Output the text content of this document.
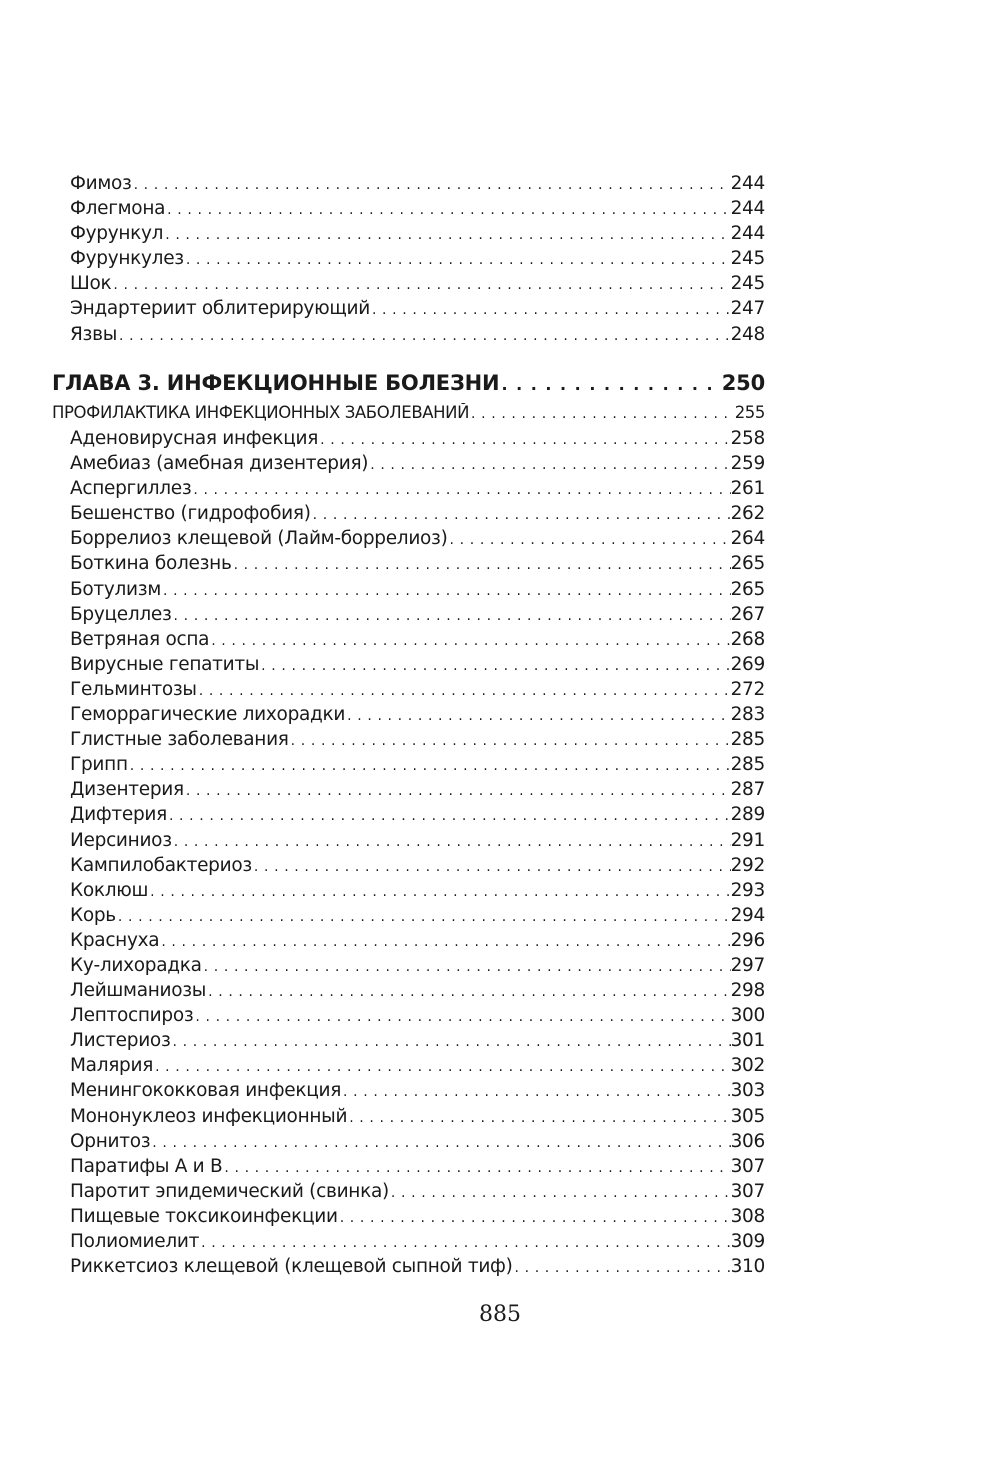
Фимоз . . .	244
Флегмона . . .	244
Фурункул . . .	244
Фурункулез . . .	245
Шок . . .	245
Эндартериит облитерирующий . . .	247
Язвы . . .	248
ГЛАВА 3. ИНФЕКЦИОННЫЕ БОЛЕЗНИ . . .	250
ПРОФИЛАКТИКА ИНФЕКЦИОННЫХ ЗАБОЛЕВАНИЙ . . .	255
Аденовирусная инфекция . . .	258
Амебиаз (амебная дизентерия) . . .	259
Аспергиллез . . .	261
Бешенство (гидрофобия) . . .	262
Боррелиоз клещевой (Лайм-боррелиоз) . . .	264
Боткина болезнь . . .	265
Ботулизм . . .	265
Бруцеллез . . .	267
Ветряная оспа . . .	268
Вирусные гепатиты . . .	269
Гельминтозы . . .	272
Геморрагические лихорадки . . .	283
Глистные заболевания . . .	285
Грипп . . .	285
Дизентерия . . .	287
Дифтерия . . .	289
Иерсиниоз . . .	291
Кампилобактериоз . . .	292
Коклюш . . .	293
Корь . . .	294
Краснуха . . .	296
Ку-лихорадка . . .	297
Лейшманиозы . . .	298
Лептоспироз . . .	300
Листериоз . . .	301
Малярия . . .	302
Менингококковая инфекция . . .	303
Мононуклеоз инфекционный . . .	305
Орнитоз . . .	306
Паратифы А и В . . .	307
Паротит эпидемический (свинка) . . .	307
Пищевые токсикоинфекции . . .	308
Полиомиелит . . .	309
Риккетсиоз клещевой (клещевой сыпной тиф) . . .	310
885
